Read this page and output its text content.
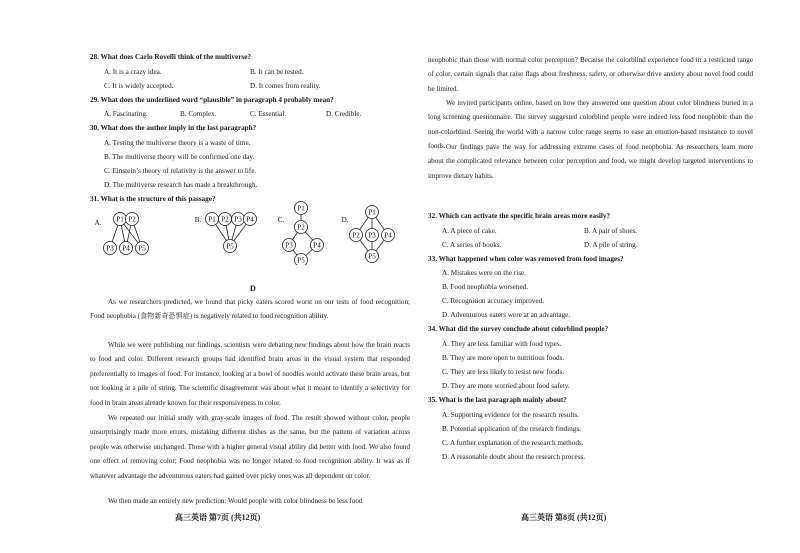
28. What does Carlo Rovelli think of the multiverse?
A. It is a crazy idea.	B. It can be tested.
C. It is widely accepted.	D. It comes from reality.
29. What does the underlined word “plausible” in paragraph 4 probably mean?
A. Fascinating.	B. Complex.	C. Essential.	D. Credible.
30. What does the author imply in the last paragraph?
A. Testing the multiverse theory is a waste of time.
B. The multiverse theory will be confirmed one day.
C. Einstein’s theory of relativity is the answer to life.
D. The multiverse research has made a breakthrough.
31. What is the structure of this passage?
A.	B.	C.	D.
P1 P2
P3 P4 P5
P1 P2 P3 P4
P5
P1
P2
P3	P4
P5
P1
P2 P3 P4
P5
D
As we researchers predicted, we found that picky eaters scored worst on our tests of food recognition; Food neophobia (食物新奇恐惧症) is negatively related to food recognition ability.
While we were publishing our findings, scientists were debating new findings about how the brain reacts to food and color. Different research groups had identified brain areas in the visual system that responded preferentially to images of food. For instance, looking at a bowl of noodles would activate these brain areas, but not looking at a pile of string. The scientific disagreement was about what it meant to identify a selectivity for food in brain areas already known for their responsiveness to color.
We repeated our initial study with gray-scale images of food. The result showed without color, people unsurprisingly made more errors, mistaking different dishes as the same, but the pattern of variation across people was otherwise unchanged. Those with a higher general visual ability did better with food. We also found one effect of removing color; Food neophobia was no longer related to food recognition ability. It was as if whatever advantage the adventurous eaters had gained over picky ones was all dependent on color.
We then made an entirely new prediction: Would people with color blindness be less food
高三英语 第7页 (共12页)
neophobic than those with normal color perception? Because the colorblind experience food in a restricted range of color, certain signals that raise flags about freshness, safety, or otherwise drive anxiety about novel food could be limited.
We invited participants online, based on how they answered one question about color blindness buried in a long screening questionnaire. The survey suggested colorblind people were indeed less food neophobic than the non-colorblind. Seeing the world with a narrow color range seems to ease an emotion-based resistance to novel foods. Our findings pave the way for addressing extreme cases of food neophobia. As researchers learn more about the complicated relevance between color perception and food, we might develop targeted interventions to improve dietary habits.
32. Which can activate the specific brain areas more easily?
A. A piece of cake.	B. A pair of shoes.
C. A series of books.	D. A pile of string.
33. What happened when color was removed from food images?
A. Mistakes were on the rise.
B. Food neophobia worsened.
C. Recognition accuracy improved.
D. Adventurous eaters were at an advantage.
34. What did the survey conclude about colorblind people?
A. They are less familiar with food types.
B. They are more open to nutritious foods.
C. They are less likely to resist new foods.
D. They are more worried about food safety.
35. What is the last paragraph mainly about?
A. Supporting evidence for the research results.
B. Potential application of the research findings.
C. A further explanation of the research methods.
D. A reasonable doubt about the research process.
高三英语 第8页 (共12页)
